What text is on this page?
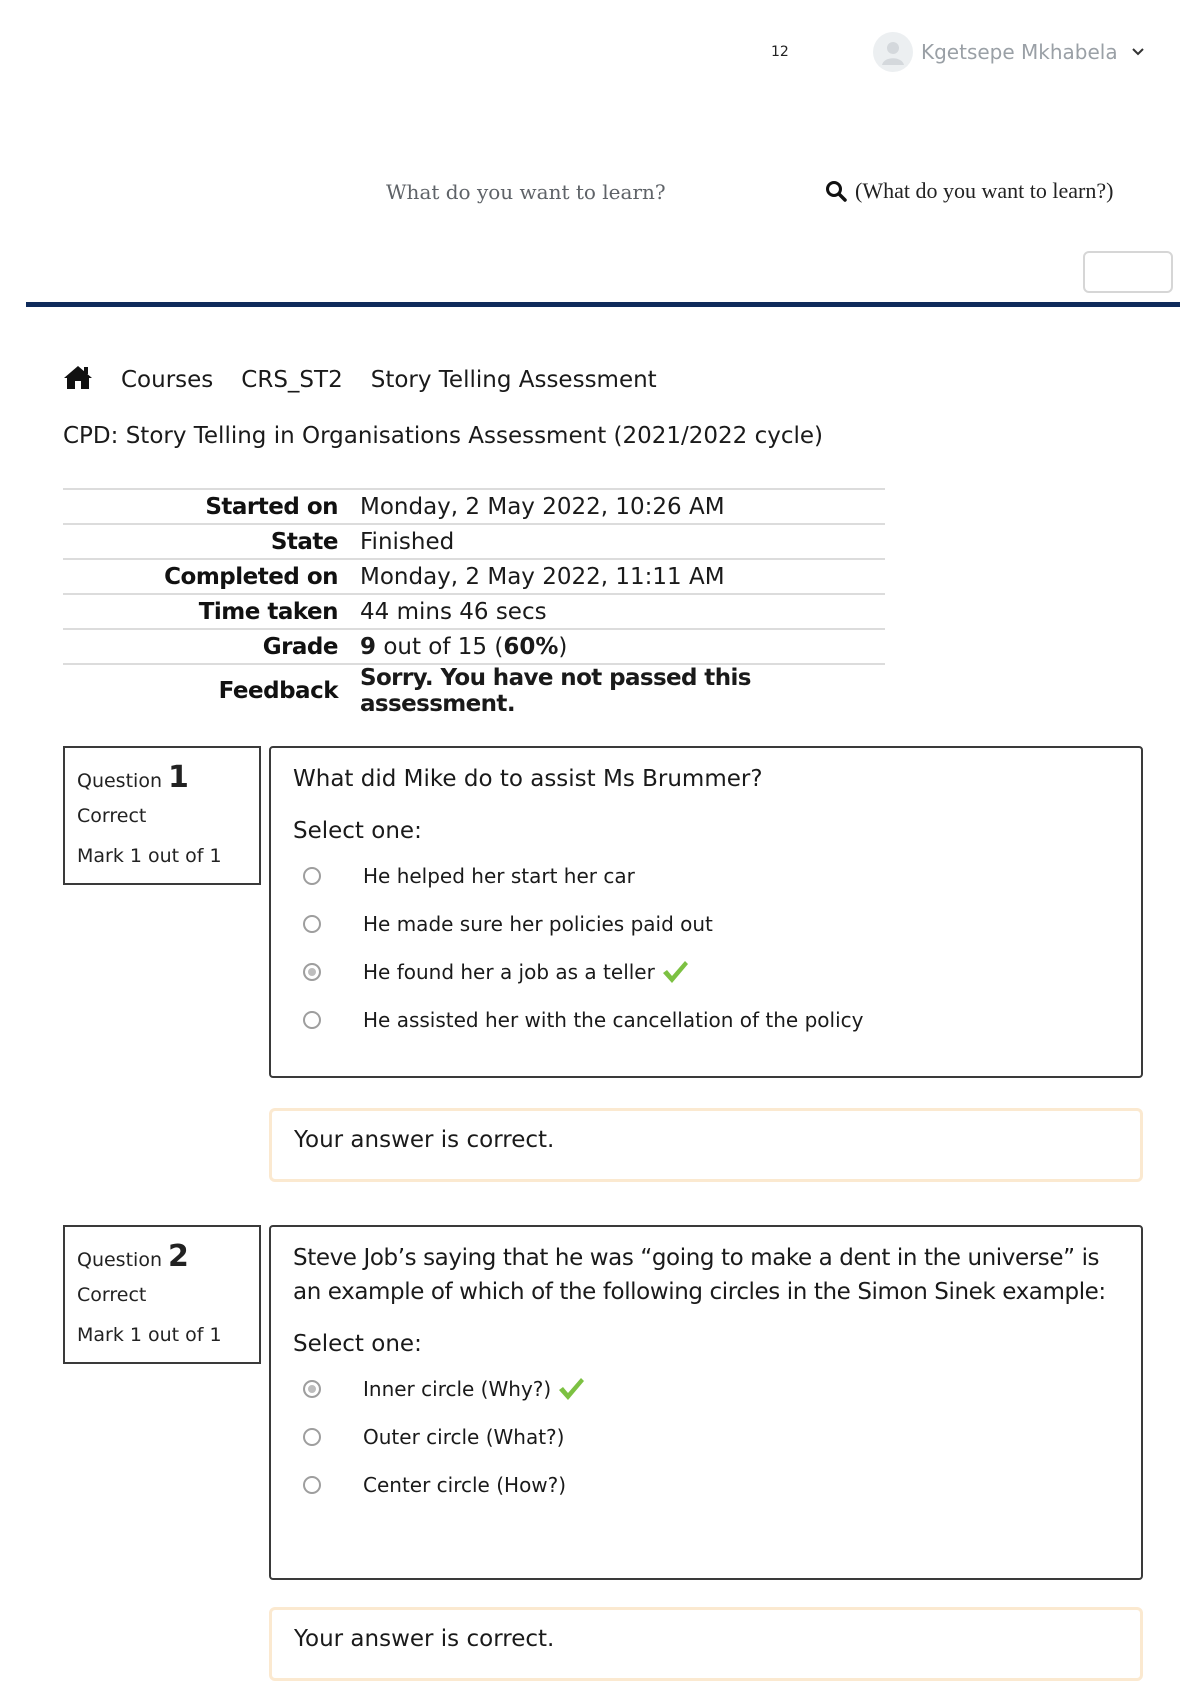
12	Kgetsepe Mkhabela
What do you want to learn?	(What do you want to learn?)
Courses CRS_ST2 Story Telling Assessment
CPD: Story Telling in Organisations Assessment (2021/2022 cycle)
Started on	Monday, 2 May 2022, 10:26 AM
State	Finished
Completed on	Monday, 2 May 2022, 11:11 AM
Time taken	44 mins 46 secs
Grade	9 out of 15 (60%)
Feedback	Sorry. You have not passed this assessment.
Question 1
Correct
Mark 1 out of 1
What did Mike do to assist Ms Brummer?
Select one:
He helped her start her car
He made sure her policies paid out
He found her a job as a teller
He assisted her with the cancellation of the policy
Your answer is correct.
Question 2
Correct
Mark 1 out of 1
Steve Job’s saying that he was “going to make a dent in the universe” is an example of which of the following circles in the Simon Sinek example:
Select one:
Inner circle (Why?)
Outer circle (What?)
Center circle (How?)
Your answer is correct.
